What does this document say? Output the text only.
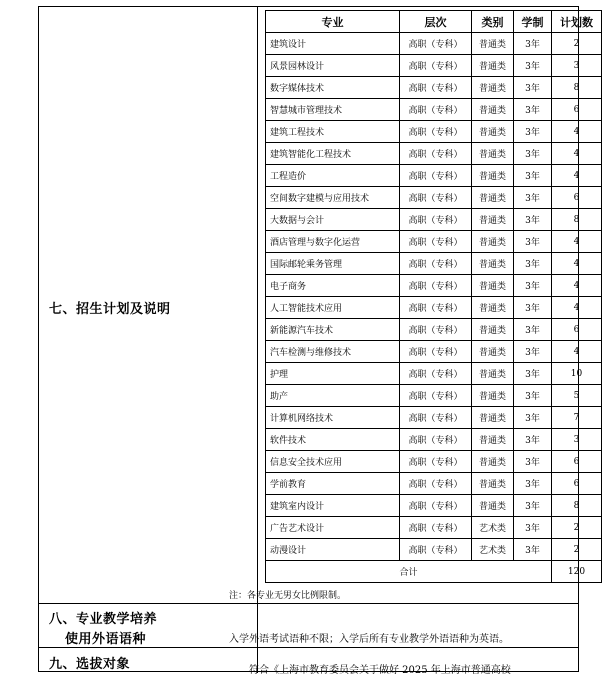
七、招生计划及说明
八、专业教学培养
使用外语语种
九、选拔对象
专业	层次	类别	学制	计划数
建筑设计	高职（专科）	普通类	3年	2
风景园林设计	高职（专科）	普通类	3年	3
数字媒体技术	高职（专科）	普通类	3年	8
智慧城市管理技术	高职（专科）	普通类	3年	6
建筑工程技术	高职（专科）	普通类	3年	4
建筑智能化工程技术	高职（专科）	普通类	3年	4
工程造价	高职（专科）	普通类	3年	4
空间数字建模与应用技术	高职（专科）	普通类	3年	6
大数据与会计	高职（专科）	普通类	3年	8
酒店管理与数字化运营	高职（专科）	普通类	3年	4
国际邮轮乘务管理	高职（专科）	普通类	3年	4
电子商务	高职（专科）	普通类	3年	4
人工智能技术应用	高职（专科）	普通类	3年	4
新能源汽车技术	高职（专科）	普通类	3年	6
汽车检测与维修技术	高职（专科）	普通类	3年	4
护理	高职（专科）	普通类	3年	10
助产	高职（专科）	普通类	3年	5
计算机网络技术	高职（专科）	普通类	3年	7
软件技术	高职（专科）	普通类	3年	3
信息安全技术应用	高职（专科）	普通类	3年	6
学前教育	高职（专科）	普通类	3年	6
建筑室内设计	高职（专科）	普通类	3年	8
广告艺术设计	高职（专科）	艺术类	3年	2
动漫设计	高职（专科）	艺术类	3年	2
合计				120
注：各专业无男女比例限制。
入学外语考试语种不限；入学后所有专业教学外语语种为英语。
符合《上海市教育委员会关于做好 2025 年上海市普通高校
